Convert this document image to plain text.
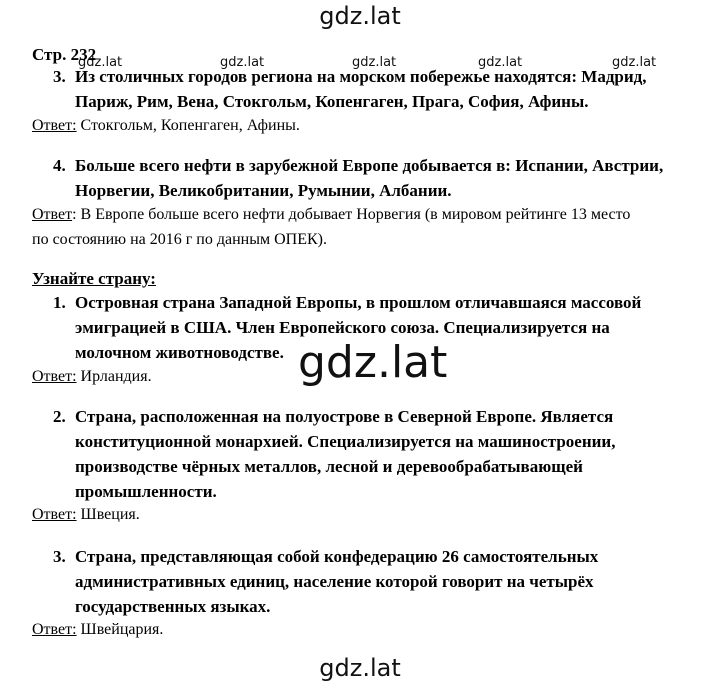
gdz.lat
gdz.lat	gdz.lat	gdz.lat	gdz.lat	gdz.lat
Стр. 232
3. Из столичных городов региона на морском побережье находятся: Мадрид,
Париж, Рим, Вена, Стокгольм, Копенгаген, Прага, София, Афины.
Ответ: Стокгольм, Копенгаген, Афины.
4. Больше всего нефти в зарубежной Европе добывается в: Испании, Австрии,
Норвегии, Великобритании, Румынии, Албании.
Ответ: В Европе больше всего нефти добывает Норвегия (в мировом рейтинге 13 место
по состоянию на 2016 г по данным ОПЕК).
Узнайте страну:
1. Островная страна Западной Европы, в прошлом отличавшаяся массовой
эмиграцией в США. Член Европейского союза. Специализируется на
молочном животноводстве.
Ответ: Ирландия.	gdz.lat
2. Страна, расположенная на полуострове в Северной Европе. Является
конституционной монархией. Специализируется на машиностроении,
производстве чёрных металлов, лесной и деревообрабатывающей
промышленности.
Ответ: Швеция.
3. Страна, представляющая собой конфедерацию 26 самостоятельных
административных единиц, население которой говорит на четырёх
государственных языках.
Ответ: Швейцария.
gdz.lat
